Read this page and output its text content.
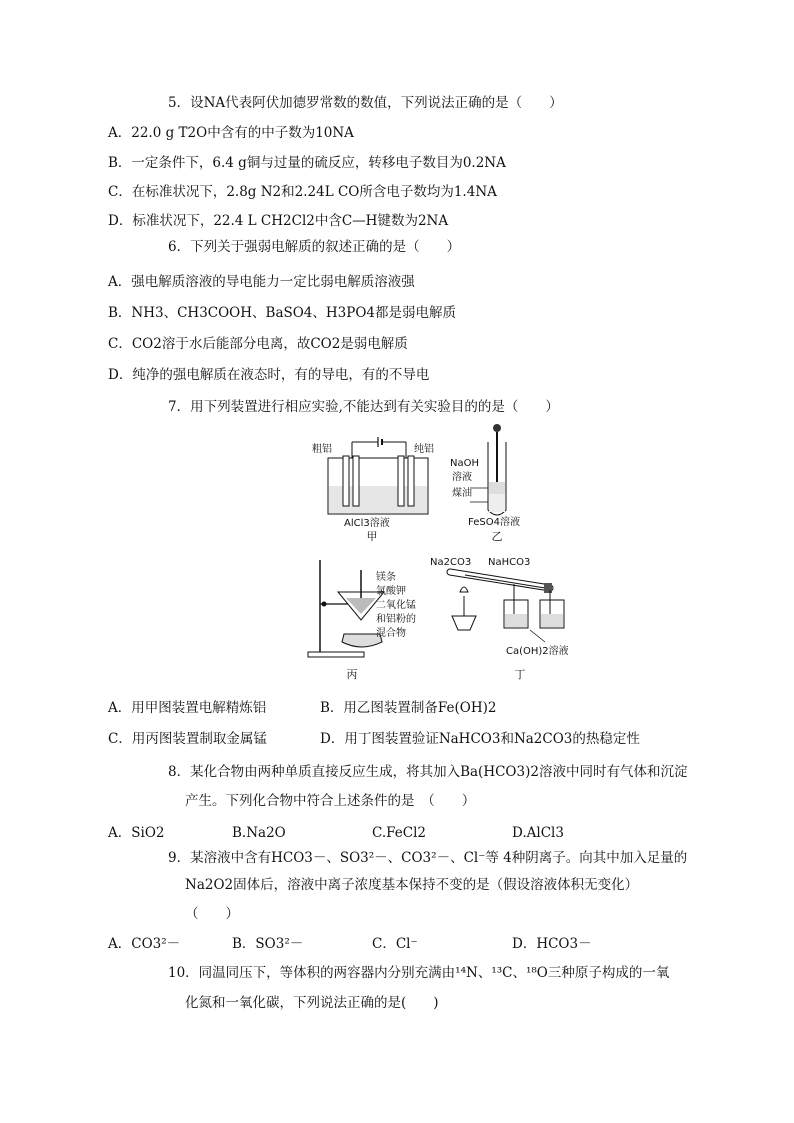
5．设NA代表阿伏加德罗常数的数值，下列说法正确的是（　　）
A．22.0 g T2O中含有的中子数为10NA
B．一定条件下，6.4 g铜与过量的硫反应，转移电子数目为0.2NA
C．在标准状况下，2.8g N2和2.24L CO所含电子数均为1.4NA
D．标准状况下，22.4 L CH2Cl2中含C—H键数为2NA
6．下列关于强弱电解质的叙述正确的是（　　）
A．强电解质溶液的导电能力一定比弱电解质溶液强
B．NH3、CH3COOH、BaSO4、H3PO4都是弱电解质
C．CO2溶于水后能部分电离，故CO2是弱电解质
D．纯净的强电解质在液态时，有的导电，有的不导电
7．用下列装置进行相应实验,不能达到有关实验目的的是（　　）
粗铝	纯铝
AlCl3溶液
甲
NaOH
溶液
煤油
FeSO4溶液
乙
镁条
氯酸钾
二氧化锰
和铝粉的
混合物
丙
Na2CO3 NaHCO3
Ca(OH)2溶液
丁
A．用甲图装置电解精炼铝	B．用乙图装置制备Fe(OH)2
C．用丙图装置制取金属锰	D．用丁图装置验证NaHCO3和Na2CO3的热稳定性
8．某化合物由两种单质直接反应生成，将其加入Ba(HCO3)2溶液中同时有气体和沉淀
产生。下列化合物中符合上述条件的是　（　　）
A．SiO2	B.Na2O	C.FeCl2	D.AlCl3
9．某溶液中含有HCO3－、SO3²－、CO3²－、Cl⁻等 4种阴离子。向其中加入足量的
Na2O2固体后，溶液中离子浓度基本保持不变的是（假设溶液体积无变化）
（　　）
A．CO3²－	B．SO3²－	C．Cl⁻	D．HCO3－
10．同温同压下，等体积的两容器内分别充满由¹⁴N、¹³C、¹⁸O三种原子构成的一氧
化氮和一氧化碳，下列说法正确的是(　　)
